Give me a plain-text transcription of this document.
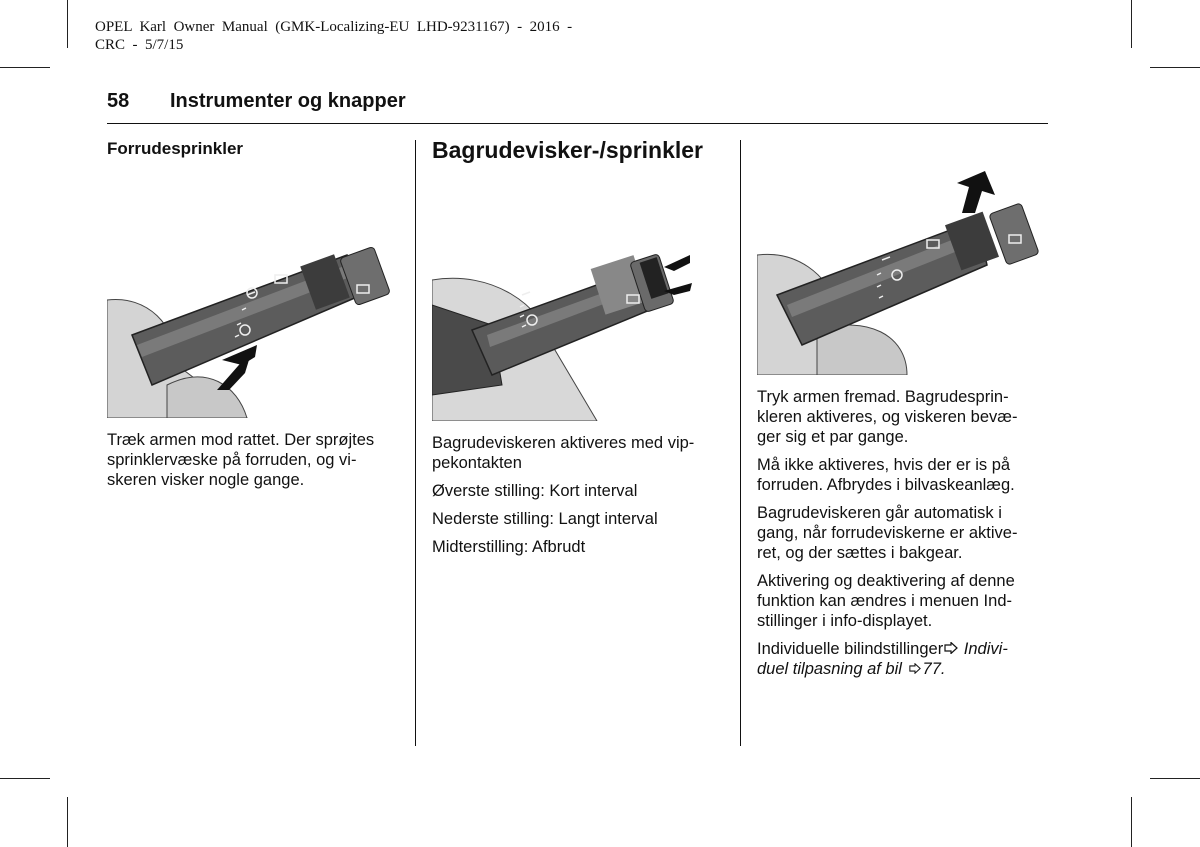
OPEL  Karl  Owner  Manual  (GMK-Localizing-EU  LHD-9231167)  -  2016  -
CRC  -  5/7/15
58 Instrumenter og knapper
Forrudesprinkler
Træk armen mod rattet. Der sprøjtes
sprinklervæske på forruden, og vi-
skeren visker nogle gange.
Bagrudevisker-/sprinkler

Bagrudeviskeren aktiveres med vip-
pekontakten

Øverste stilling: Kort interval

Nederste stilling: Langt interval

Midterstilling: Afbrudt

Tryk armen fremad. Bagrudesprin-
kleren aktiveres, og viskeren bevæ-
ger sig et par gange.

Må ikke aktiveres, hvis der er is på
forruden. Afbrydes i bilvaskeanlæg.

Bagrudeviskeren går automatisk i
gang, når forrudeviskerne er aktive-
ret, og der sættes i bakgear.

Aktivering og deaktivering af denne
funktion kan ændres i menuen Ind-
stillinger i info-displayet.

Individuelle bilindstillinger Indivi-
duel tilpasning af bil 77.
